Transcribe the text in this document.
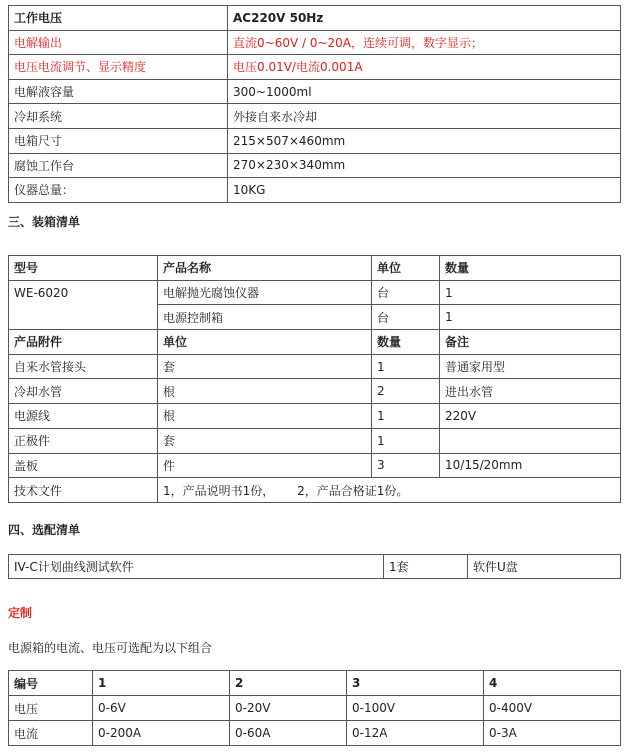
工作电压	AC220V 50Hz
电解输出	直流0~60V / 0~20A，连续可调，数字显示；
电压电流调节、显示精度	电压0.01V/电流0.001A
电解液容量	300~1000ml
冷却系统	外接自来水冷却
电箱尺寸	215×507×460mm
腐蚀工作台	270×230×340mm
仪器总量：	10KG
三、装箱清单
型号	产品名称	单位	数量
WE-6020	电解抛光腐蚀仪器	台	1
	电源控制箱	台	1
产品附件	单位	数量	备注
自来水管接头	套	1	普通家用型
冷却水管	根	2	进出水管
电源线	根	1	220V
正极件	套	1	
盖板	件	3	10/15/20mm
技术文件	1，产品说明书1份，      2，产品合格证1份。		
四、选配清单
IV-C计划曲线测试软件	1套	软件U盘
定制
电源箱的电流、电压可选配为以下组合
编号	1	2	3	4
电压	0-6V	0-20V	0-100V	0-400V
电流	0-200A	0-60A	0-12A	0-3A
